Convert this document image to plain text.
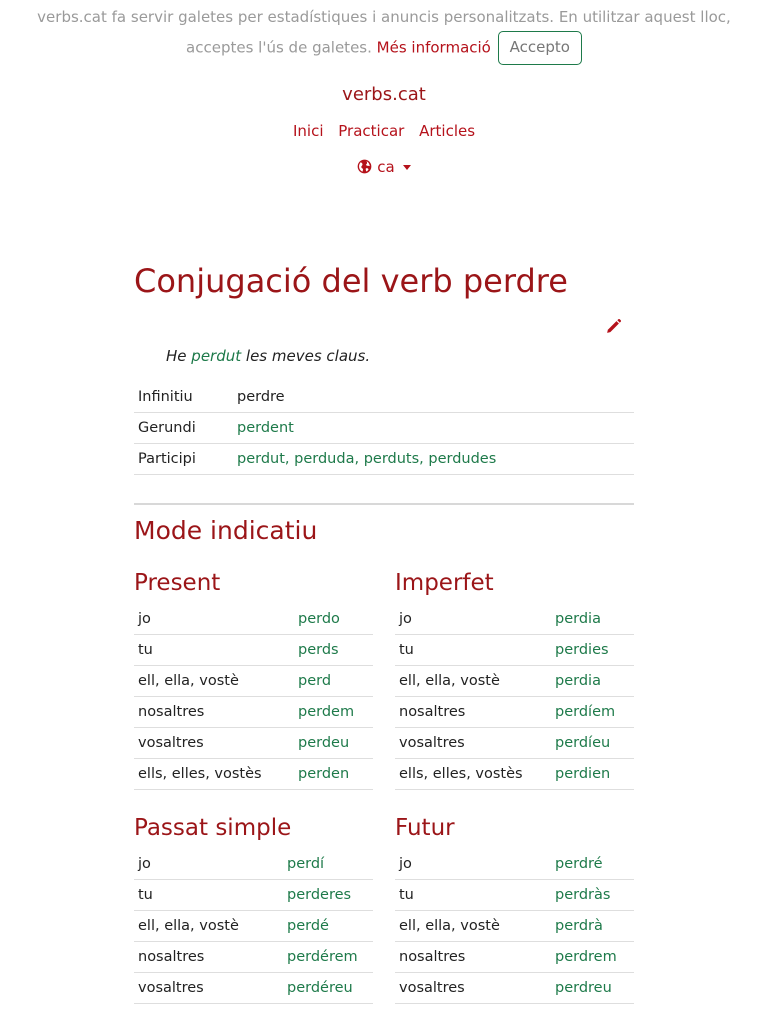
verbs.cat fa servir galetes per estadístiques i anuncis personalitzats. En utilitzar aquest lloc,
acceptes l'ús de galetes. Més informació Accepto
verbs.cat
Inici Practicar Articles
ca
Conjugació del verb perdre
He perdut les meves claus.
Infinitiu	perdre
Gerundi	perdent
Participi	perdut, perduda, perduts, perdudes
Mode indicatiu
Present
jo	perdo
tu	perds
ell, ella, vostè	perd
nosaltres	perdem
vosaltres	perdeu
ells, elles, vostès	perden
Imperfet
jo	perdia
tu	perdies
ell, ella, vostè	perdia
nosaltres	perdíem
vosaltres	perdíeu
ells, elles, vostès	perdien
Passat simple
jo	perdí
tu	perderes
ell, ella, vostè	perdé
nosaltres	perdérem
vosaltres	perdéreu
Futur
jo	perdré
tu	perdràs
ell, ella, vostè	perdrà
nosaltres	perdrem
vosaltres	perdreu
